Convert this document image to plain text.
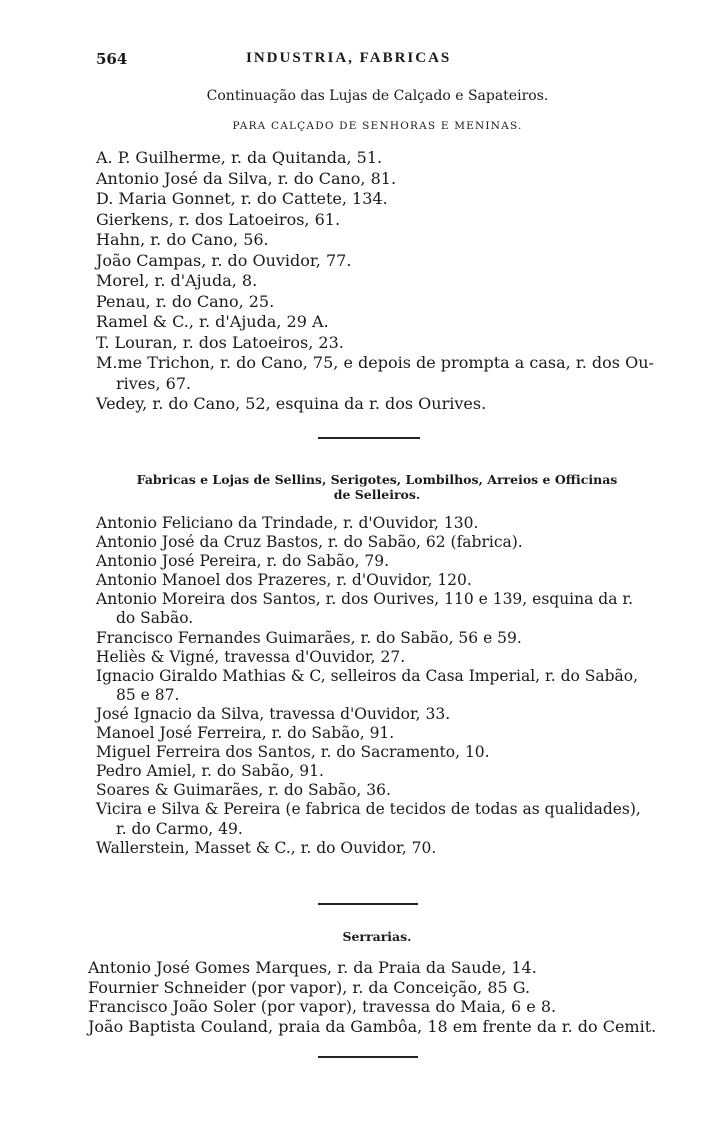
564	INDUSTRIA, FABRICAS
Continuação das Lujas de Calçado e Sapateiros.
PARA CALÇADO DE SENHORAS E MENINAS.
A. P. Guilherme, r. da Quitanda, 51.
Antonio José da Silva, r. do Cano, 81.
D. Maria Gonnet, r. do Cattete, 134.
Gierkens, r. dos Latoeiros, 61.
Hahn, r. do Cano, 56.
João Campas, r. do Ouvidor, 77.
Morel, r. d'Ajuda, 8.
Penau, r. do Cano, 25.
Ramel & C., r. d'Ajuda, 29 A.
T. Louran, r. dos Latoeiros, 23.
M.me Trichon, r. do Cano, 75, e depois de prompta a casa, r. dos Ou-
rives, 67.
Vedey, r. do Cano, 52, esquina da r. dos Ourives.
Fabricas e Lojas de Sellins, Serigotes, Lombilhos, Arreios e Officinas
de Selleiros.
Antonio Feliciano da Trindade, r. d'Ouvidor, 130.
Antonio José da Cruz Bastos, r. do Sabão, 62 (fabrica).
Antonio José Pereira, r. do Sabão, 79.
Antonio Manoel dos Prazeres, r. d'Ouvidor, 120.
Antonio Moreira dos Santos, r. dos Ourives, 110 e 139, esquina da r.
do Sabão.
Francisco Fernandes Guimarães, r. do Sabão, 56 e 59.
Heliès & Vigné, travessa d'Ouvidor, 27.
Ignacio Giraldo Mathias & C, selleiros da Casa Imperial, r. do Sabão,
85 e 87.
José Ignacio da Silva, travessa d'Ouvidor, 33.
Manoel José Ferreira, r. do Sabão, 91.
Miguel Ferreira dos Santos, r. do Sacramento, 10.
Pedro Amiel, r. do Sabão, 91.
Soares & Guimarães, r. do Sabão, 36.
Vicira e Silva & Pereira (e fabrica de tecidos de todas as qualidades),
r. do Carmo, 49.
Wallerstein, Masset & C., r. do Ouvidor, 70.
Serrarias.
Antonio José Gomes Marques, r. da Praia da Saude, 14.
Fournier Schneider (por vapor), r. da Conceição, 85 G.
Francisco João Soler (por vapor), travessa do Maia, 6 e 8.
João Baptista Couland, praia da Gambôa, 18 em frente da r. do Cemit.
